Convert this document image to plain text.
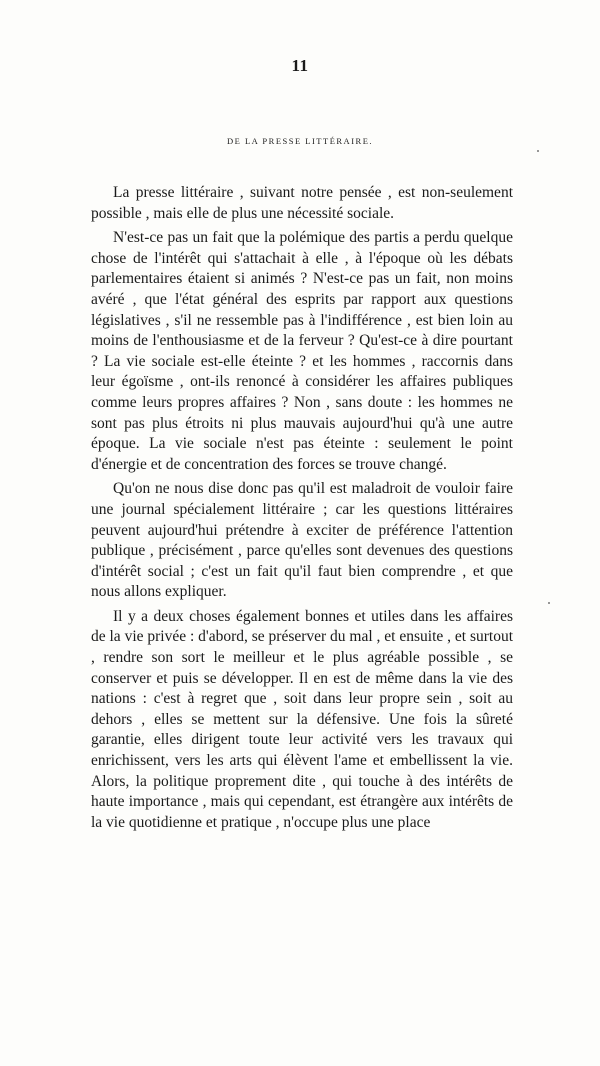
11
DE LA PRESSE LITTÉRAIRE.

La presse littéraire , suivant notre pensée , est non-seulement possible , mais elle de plus une nécessité sociale.

N'est-ce pas un fait que la polémique des partis a perdu quelque chose de l'intérêt qui s'attachait à elle , à l'époque où les débats parlementaires étaient si animés ? N'est-ce pas un fait, non moins avéré , que l'état général des esprits par rapport aux questions législatives , s'il ne ressemble pas à l'indifférence , est bien loin au moins de l'enthousiasme et de la ferveur ? Qu'est-ce à dire pourtant ? La vie sociale est-elle éteinte ? et les hommes , raccornis dans leur égoïsme , ont-ils renoncé à considérer les affaires publiques comme leurs propres affaires ? Non , sans doute : les hommes ne sont pas plus étroits ni plus mauvais aujourd'hui qu'à une autre époque. La vie sociale n'est pas éteinte : seulement le point d'énergie et de concentration des forces se trouve changé.

Qu'on ne nous dise donc pas qu'il est maladroit de vouloir faire une journal spécialement littéraire ; car les questions littéraires peuvent aujourd'hui prétendre à exciter de préférence l'attention publique , précisément , parce qu'elles sont devenues des questions d'intérêt social ; c'est un fait qu'il faut bien comprendre , et que nous allons expliquer.

Il y a deux choses également bonnes et utiles dans les affaires de la vie privée : d'abord, se préserver du mal , et ensuite , et surtout , rendre son sort le meilleur et le plus agréable possible , se conserver et puis se développer. Il en est de même dans la vie des nations : c'est à regret que , soit dans leur propre sein , soit au dehors , elles se mettent sur la défensive. Une fois la sûreté garantie, elles dirigent toute leur activité vers les travaux qui enrichissent, vers les arts qui élèvent l'ame et embellissent la vie. Alors, la politique proprement dite , qui touche à des intérêts de haute importance , mais qui cependant, est étrangère aux intérêts de la vie quotidienne et pratique , n'occupe plus une place
